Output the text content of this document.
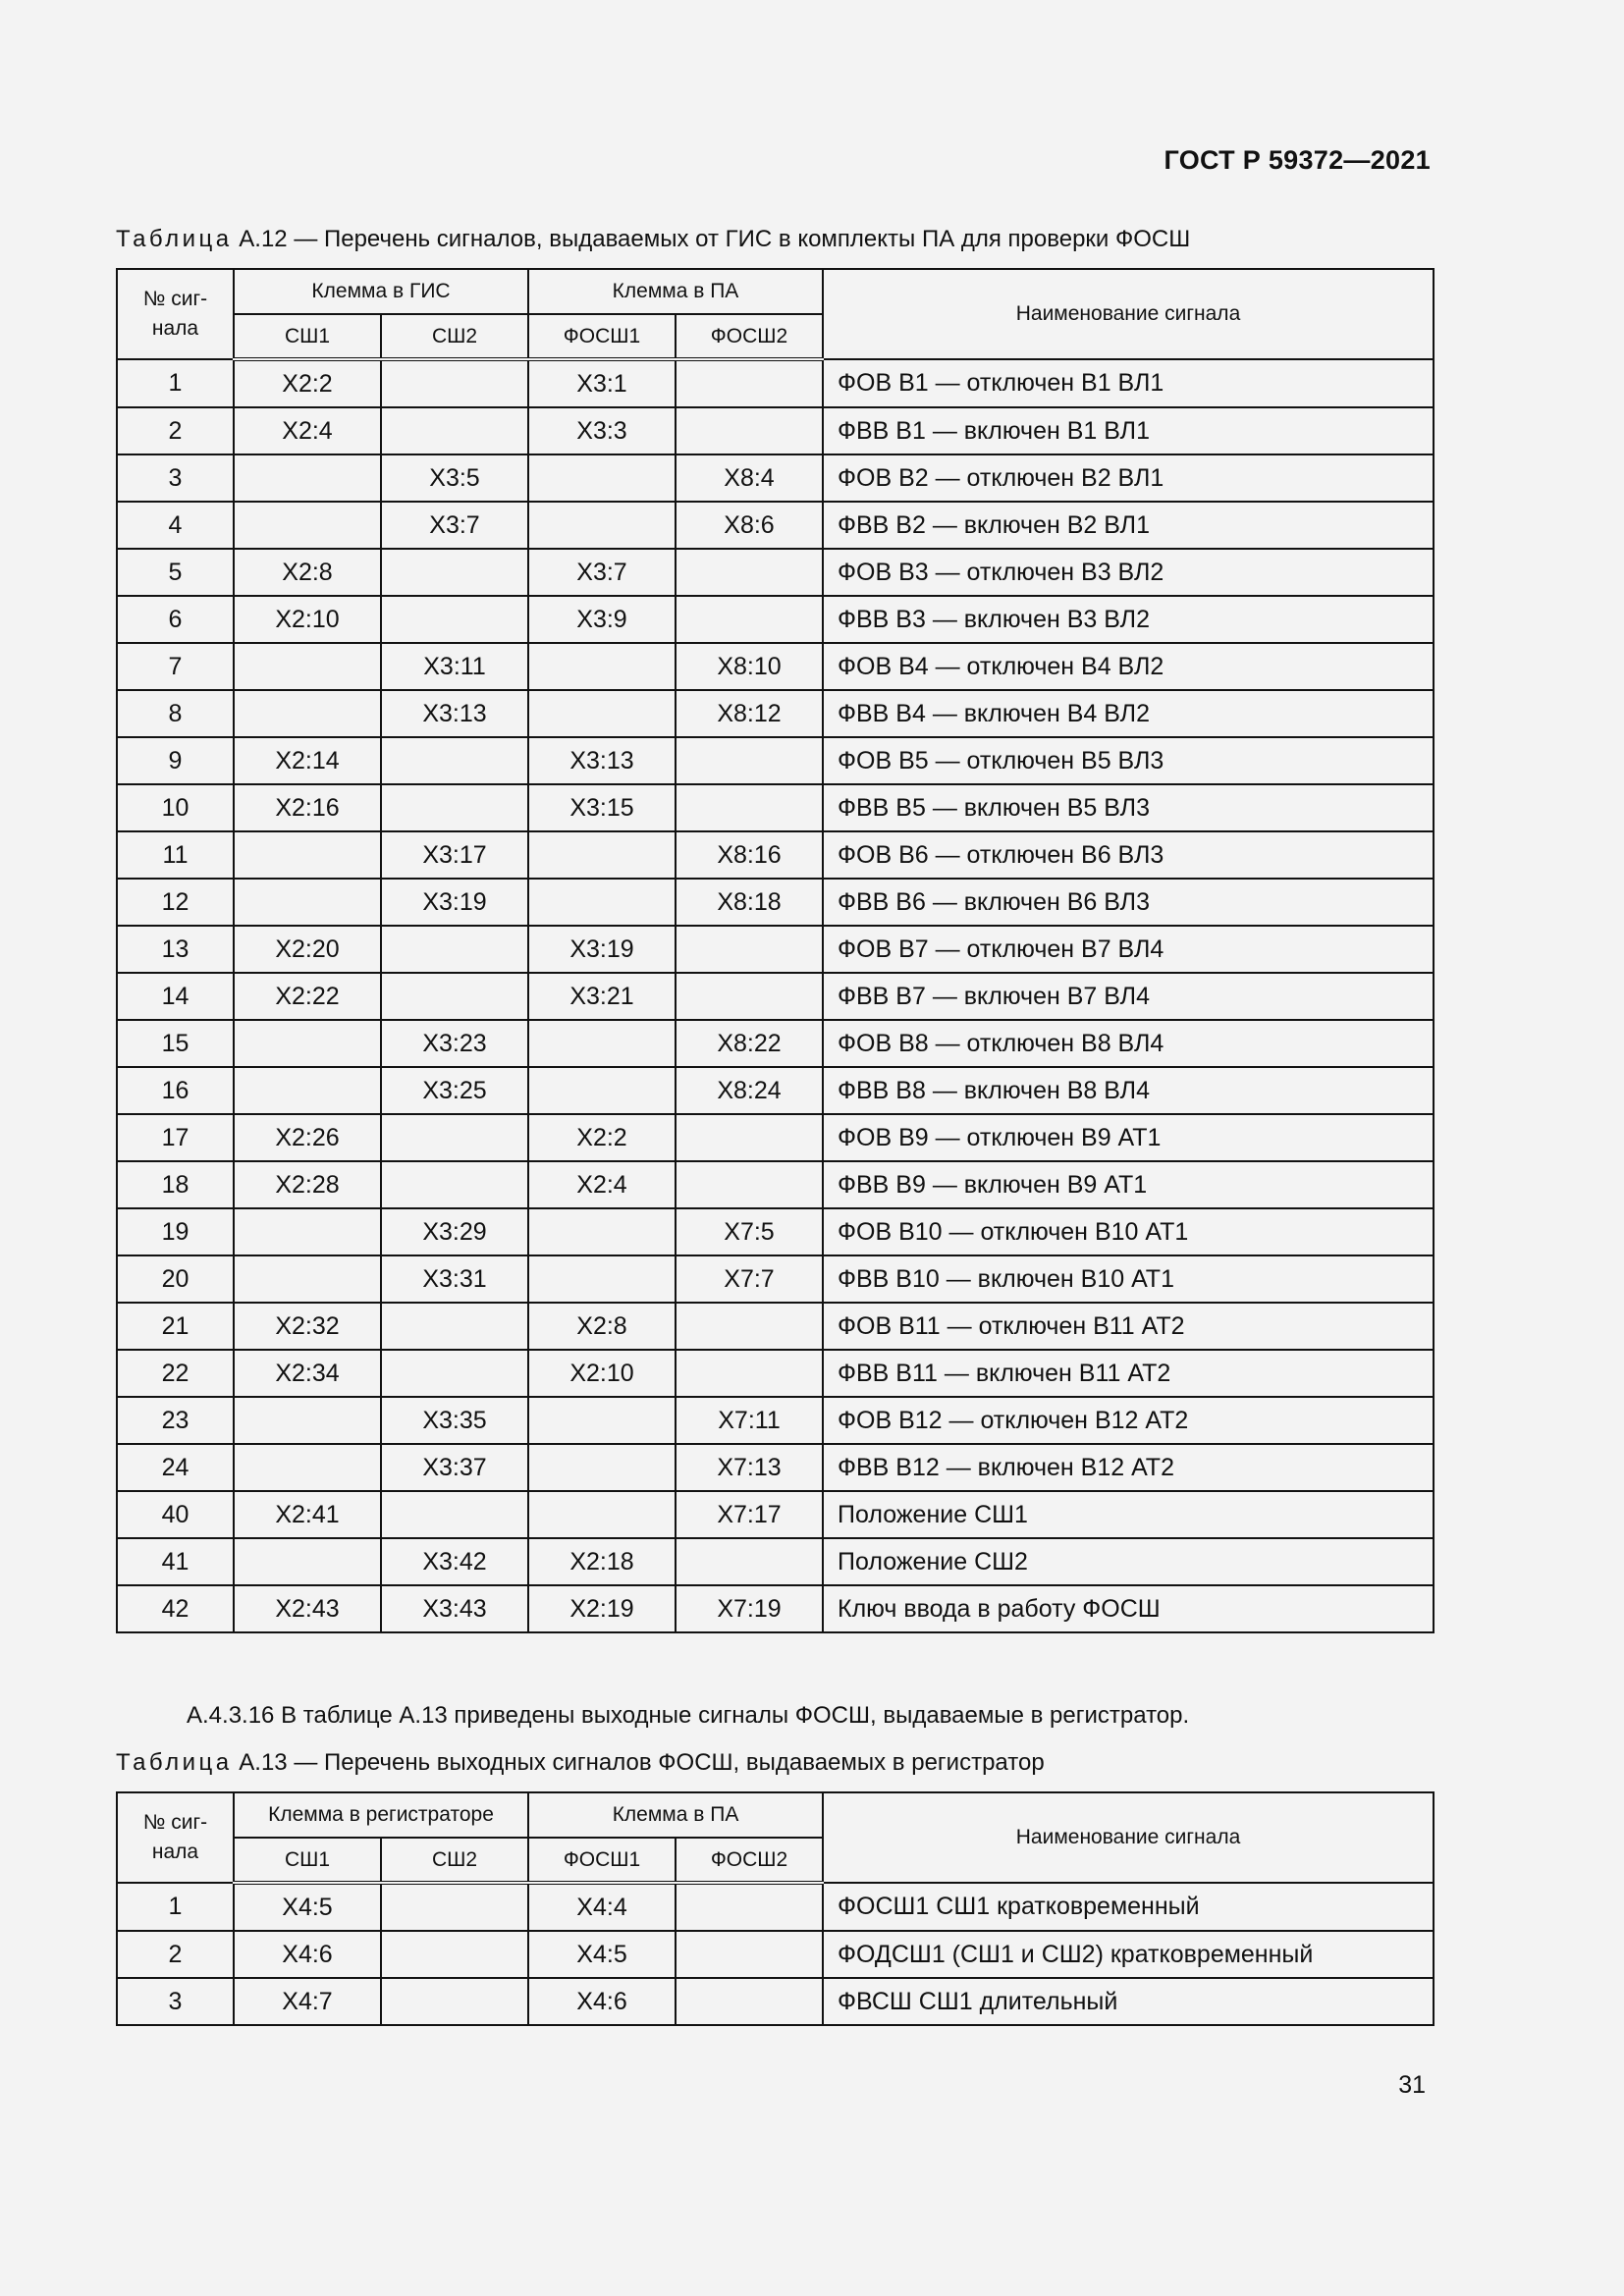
ГОСТ Р 59372—2021
Таблица А.12 — Перечень сигналов, выдаваемых от ГИС в комплекты ПА для проверки ФОСШ
№ сиг-
нала	Клемма в ГИС		Клемма в ПА		Наименование сигнала
	СШ1	СШ2	ФОСШ1	ФОСШ2	
1	X2:2		X3:1		ФОВ В1 — отключен В1 ВЛ1
2	X2:4		X3:3		ФВВ В1 — включен В1 ВЛ1
3		X3:5		X8:4	ФОВ В2 — отключен В2 ВЛ1
4		X3:7		X8:6	ФВВ В2 — включен В2 ВЛ1
5	X2:8		X3:7		ФОВ В3 — отключен В3 ВЛ2
6	X2:10		X3:9		ФВВ В3 — включен В3 ВЛ2
7		X3:11		X8:10	ФОВ В4 — отключен В4 ВЛ2
8		X3:13		X8:12	ФВВ В4 — включен В4 ВЛ2
9	X2:14		X3:13		ФОВ В5 — отключен В5 ВЛ3
10	X2:16		X3:15		ФВВ В5 — включен В5 ВЛ3
11		X3:17		X8:16	ФОВ В6 — отключен В6 ВЛ3
12		X3:19		X8:18	ФВВ В6 — включен В6 ВЛ3
13	X2:20		X3:19		ФОВ В7 — отключен В7 ВЛ4
14	X2:22		X3:21		ФВВ В7 — включен В7 ВЛ4
15		X3:23		X8:22	ФОВ В8 — отключен В8 ВЛ4
16		X3:25		X8:24	ФВВ В8 — включен В8 ВЛ4
17	X2:26		X2:2		ФОВ В9 — отключен В9 АТ1
18	X2:28		X2:4		ФВВ В9 — включен В9 АТ1
19		X3:29		X7:5	ФОВ В10 — отключен В10 АТ1
20		X3:31		X7:7	ФВВ В10 — включен В10 АТ1
21	X2:32		X2:8		ФОВ В11 — отключен В11 АТ2
22	X2:34		X2:10		ФВВ В11 — включен В11 АТ2
23		X3:35		X7:11	ФОВ В12 — отключен В12 АТ2
24		X3:37		X7:13	ФВВ В12 — включен В12 АТ2
40	X2:41			X7:17	Положение СШ1
41		X3:42	X2:18		Положение СШ2
42	X2:43	X3:43	X2:19	X7:19	Ключ ввода в работу ФОСШ
А.4.3.16 В таблице А.13 приведены выходные сигналы ФОСШ, выдаваемые в регистратор.
Таблица А.13 — Перечень выходных сигналов ФОСШ, выдаваемых в регистратор
№ сиг-
нала	Клемма в регистраторе		Клемма в ПА		Наименование сигнала
	СШ1	СШ2	ФОСШ1	ФОСШ2	
1	X4:5		X4:4		ФОСШ1 СШ1 кратковременный
2	X4:6		X4:5		ФОДСШ1 (СШ1 и СШ2) кратковременный
3	X4:7		X4:6		ФВСШ СШ1 длительный
31
